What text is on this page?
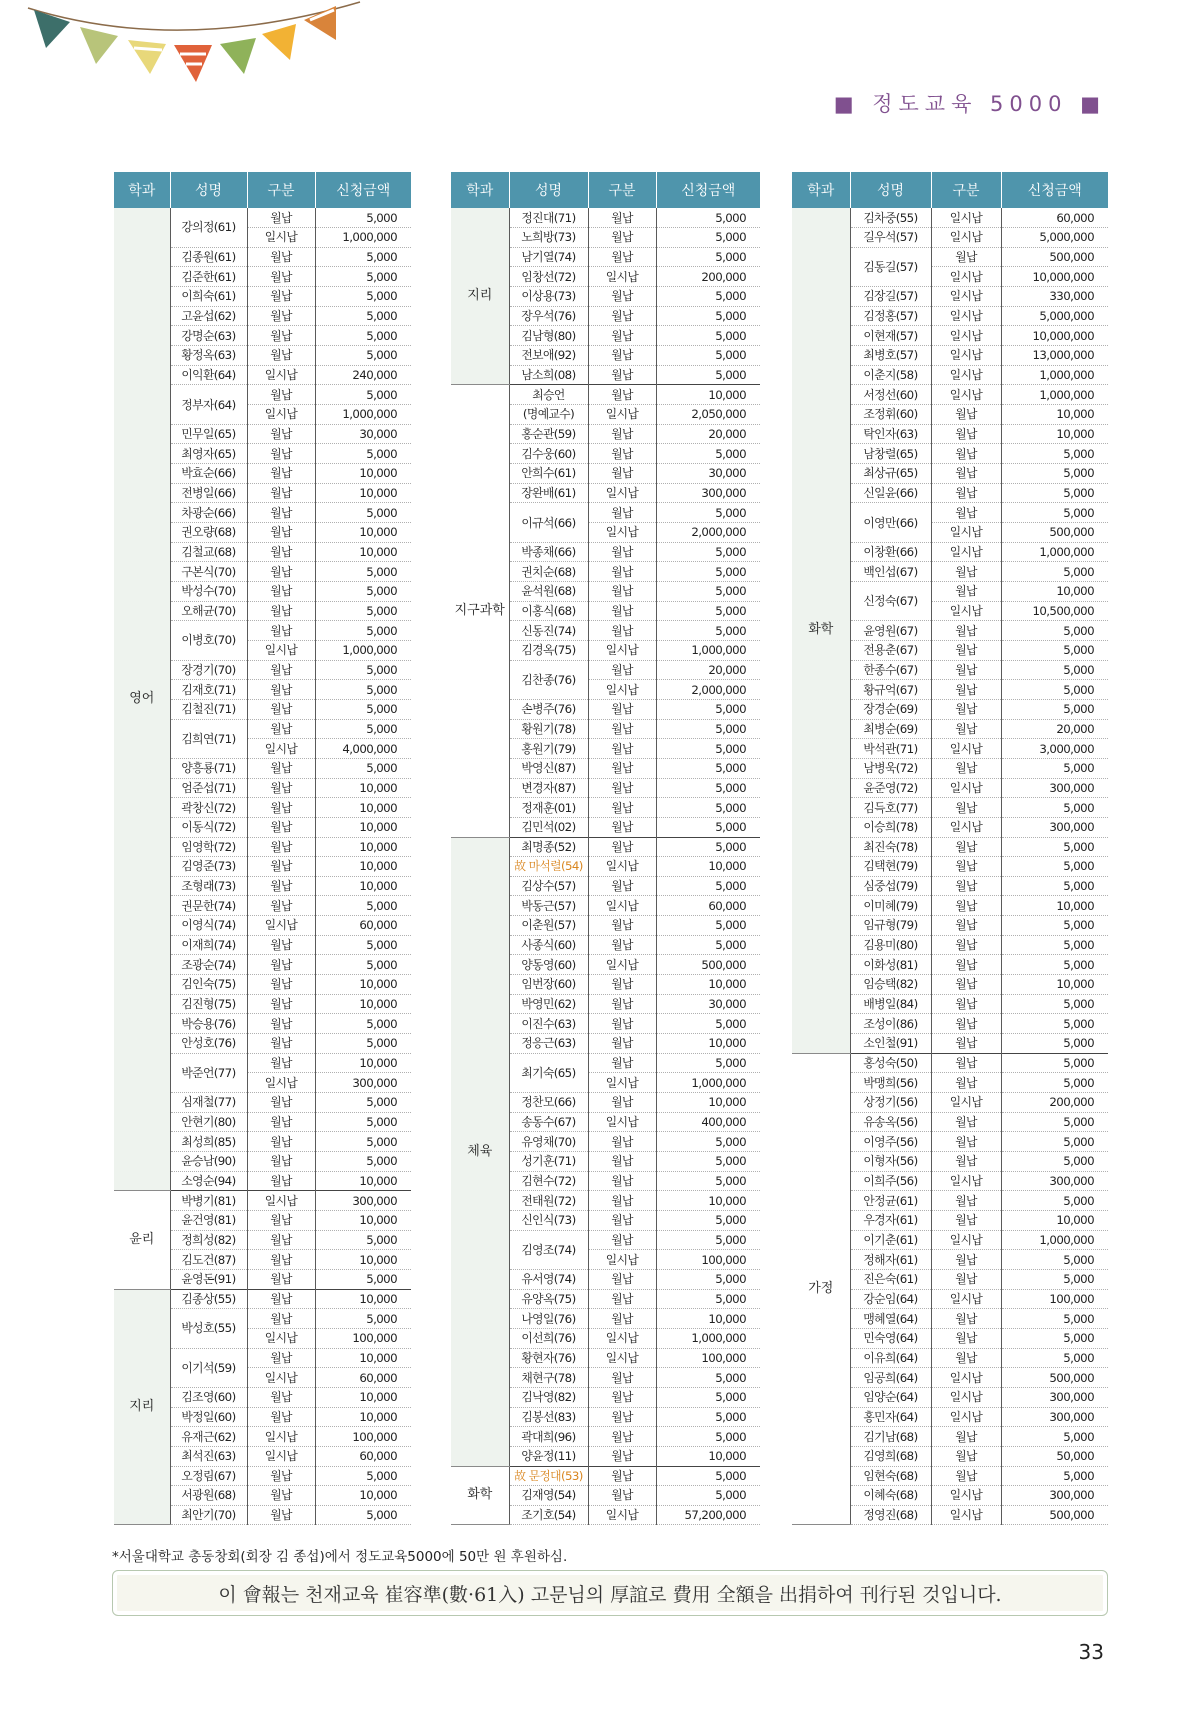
■ 정도교육 5000 ■
학과	성명	구분	신청금액
영어	강의정(61)	월납	5,000
		일시납	1,000,000
	김종원(61)	월납	5,000
	김준한(61)	월납	5,000
	이희숙(61)	월납	5,000
	고윤섭(62)	월납	5,000
	강명순(63)	월납	5,000
	황정옥(63)	월납	5,000
	이익환(64)	일시납	240,000
	정부자(64)	월납	5,000
		일시납	1,000,000
	민무일(65)	월납	30,000
	최영자(65)	월납	5,000
	박효순(66)	월납	10,000
	전병일(66)	월납	10,000
	차광순(66)	월납	5,000
	권오량(68)	월납	10,000
	김철교(68)	월납	10,000
	구본식(70)	월납	5,000
	박성수(70)	월납	5,000
	오해균(70)	월납	5,000
	이병호(70)	월납	5,000
		일시납	1,000,000
	장경기(70)	월납	5,000
	김재호(71)	월납	5,000
	김철진(71)	월납	5,000
	김희연(71)	월납	5,000
		일시납	4,000,000
	양흥룡(71)	월납	5,000
	엄준섭(71)	월납	10,000
	곽창신(72)	월납	10,000
	이동식(72)	월납	10,000
	임영학(72)	월납	10,000
	김영준(73)	월납	10,000
	조형래(73)	월납	10,000
	권문한(74)	월납	5,000
	이영식(74)	일시납	60,000
	이재희(74)	월납	5,000
	조광순(74)	월납	5,000
	김인숙(75)	월납	10,000
	김진형(75)	월납	10,000
	박승용(76)	월납	5,000
	안성호(76)	월납	5,000
	박준언(77)	월납	10,000
		일시납	300,000
	심재철(77)	월납	5,000
	안현기(80)	월납	5,000
	최성희(85)	월납	5,000
	윤승남(90)	월납	5,000
	소영순(94)	월납	10,000
윤리	박병기(81)	일시납	300,000
	윤건영(81)	월납	10,000
	정희성(82)	월납	5,000
	김도건(87)	월납	10,000
	윤영돈(91)	월납	5,000
지리	김종상(55)	월납	10,000
	박성호(55)	월납	5,000
		일시납	100,000
	이기석(59)	월납	10,000
		일시납	60,000
	김조영(60)	월납	10,000
	박정일(60)	월납	10,000
	유재근(62)	일시납	100,000
	최석진(63)	일시납	60,000
	오정림(67)	월납	5,000
	서광원(68)	월납	10,000
	최안기(70)	월납	5,000
학과	성명	구분	신청금액
지리	정진대(71)	월납	5,000
	노희방(73)	월납	5,000
	남기열(74)	월납	5,000
	임창선(72)	일시납	200,000
	이상용(73)	월납	5,000
	장우석(76)	월납	5,000
	김남형(80)	월납	5,000
	전보애(92)	월납	5,000
	남소희(08)	월납	5,000
지구과학	최승언	월납	10,000
	(명예교수)	일시납	2,050,000
	홍순관(59)	월납	20,000
	김수웅(60)	월납	5,000
	안희수(61)	월납	30,000
	장완배(61)	일시납	300,000
	이규석(66)	월납	5,000
		일시납	2,000,000
	박종채(66)	월납	5,000
	권치순(68)	월납	5,000
	윤석원(68)	월납	5,000
	이홍식(68)	월납	5,000
	신동진(74)	월납	5,000
	김경옥(75)	일시납	1,000,000
	김찬종(76)	월납	20,000
		일시납	2,000,000
	손병주(76)	월납	5,000
	황원기(78)	월납	5,000
	홍원기(79)	월납	5,000
	박영신(87)	월납	5,000
	변경자(87)	월납	5,000
	정재훈(01)	월납	5,000
	김민석(02)	월납	5,000
체육	최명종(52)	월납	5,000
	故 마석렬(54)	일시납	10,000
	김상수(57)	월납	5,000
	박동근(57)	일시납	60,000
	이춘원(57)	월납	5,000
	사종식(60)	월납	5,000
	양동영(60)	일시납	500,000
	임번장(60)	월납	10,000
	박영민(62)	월납	30,000
	이진수(63)	월납	5,000
	정응근(63)	월납	10,000
	최기숙(65)	월납	5,000
		일시납	1,000,000
	정찬모(66)	월납	10,000
	송동수(67)	일시납	400,000
	유영채(70)	월납	5,000
	성기훈(71)	월납	5,000
	김현수(72)	월납	5,000
	전태원(72)	월납	10,000
	신인식(73)	월납	5,000
	김영조(74)	월납	5,000
		일시납	100,000
	유서영(74)	월납	5,000
	유양옥(75)	월납	5,000
	나영일(76)	월납	10,000
	이선희(76)	일시납	1,000,000
	황현자(76)	일시납	100,000
	채현구(78)	월납	5,000
	김낙영(82)	월납	5,000
	김봉선(83)	월납	5,000
	곽대희(96)	월납	5,000
	양윤정(11)	월납	10,000
화학	故 문정대(53)	월납	5,000
	김재영(54)	월납	5,000
	조기호(54)	일시납	57,200,000
학과	성명	구분	신청금액
화학	김차중(55)	일시납	60,000
	길우석(57)	일시납	5,000,000
	김동길(57)	월납	500,000
		일시납	10,000,000
	김장길(57)	일시납	330,000
	김정홍(57)	일시납	5,000,000
	이현재(57)	일시납	10,000,000
	최병호(57)	일시납	13,000,000
	이춘지(58)	일시납	1,000,000
	서정선(60)	일시납	1,000,000
	조정휘(60)	월납	10,000
	탁인자(63)	월납	10,000
	남창렬(65)	월납	5,000
	최상규(65)	월납	5,000
	신일윤(66)	월납	5,000
	이영만(66)	월납	5,000
		일시납	500,000
	이창환(66)	일시납	1,000,000
	백인섭(67)	월납	5,000
	신정숙(67)	월납	10,000
		일시납	10,500,000
	윤영원(67)	월납	5,000
	전용춘(67)	월납	5,000
	한종수(67)	월납	5,000
	황규억(67)	월납	5,000
	장경순(69)	월납	5,000
	최병순(69)	월납	20,000
	박석관(71)	일시납	3,000,000
	남병욱(72)	월납	5,000
	윤준영(72)	일시납	300,000
	김득호(77)	월납	5,000
	이승희(78)	일시납	300,000
	최진숙(78)	월납	5,000
	김택현(79)	월납	5,000
	심중섭(79)	월납	5,000
	이미혜(79)	월납	10,000
	임규형(79)	월납	5,000
	김용미(80)	월납	5,000
	이화성(81)	월납	5,000
	임승택(82)	월납	10,000
	배병일(84)	월납	5,000
	조성이(86)	월납	5,000
	소인철(91)	월납	5,000
가정	홍성숙(50)	월납	5,000
	박맹희(56)	월납	5,000
	상정기(56)	일시납	200,000
	유송옥(56)	월납	5,000
	이영주(56)	월납	5,000
	이형자(56)	월납	5,000
	이희주(56)	일시납	300,000
	안정균(61)	월납	5,000
	우경자(61)	월납	10,000
	이기춘(61)	일시납	1,000,000
	정해자(61)	월납	5,000
	진은숙(61)	월납	5,000
	강순임(64)	일시납	100,000
	맹혜열(64)	월납	5,000
	민숙영(64)	월납	5,000
	이유희(64)	월납	5,000
	임공희(64)	일시납	500,000
	임양순(64)	일시납	300,000
	홍민자(64)	일시납	300,000
	김기남(68)	월납	5,000
	김영희(68)	월납	50,000
	임현숙(68)	월납	5,000
	이혜숙(68)	일시납	300,000
	정영진(68)	일시납	500,000
*서울대학교 총동창회(회장 김 종섭)에서 정도교육5000에 50만 원 후원하심.
이 會報는 천재교육 崔容準(數·61入) 고문님의 厚誼로 費用 全額을 出捐하여 刊行된 것입니다.
33
